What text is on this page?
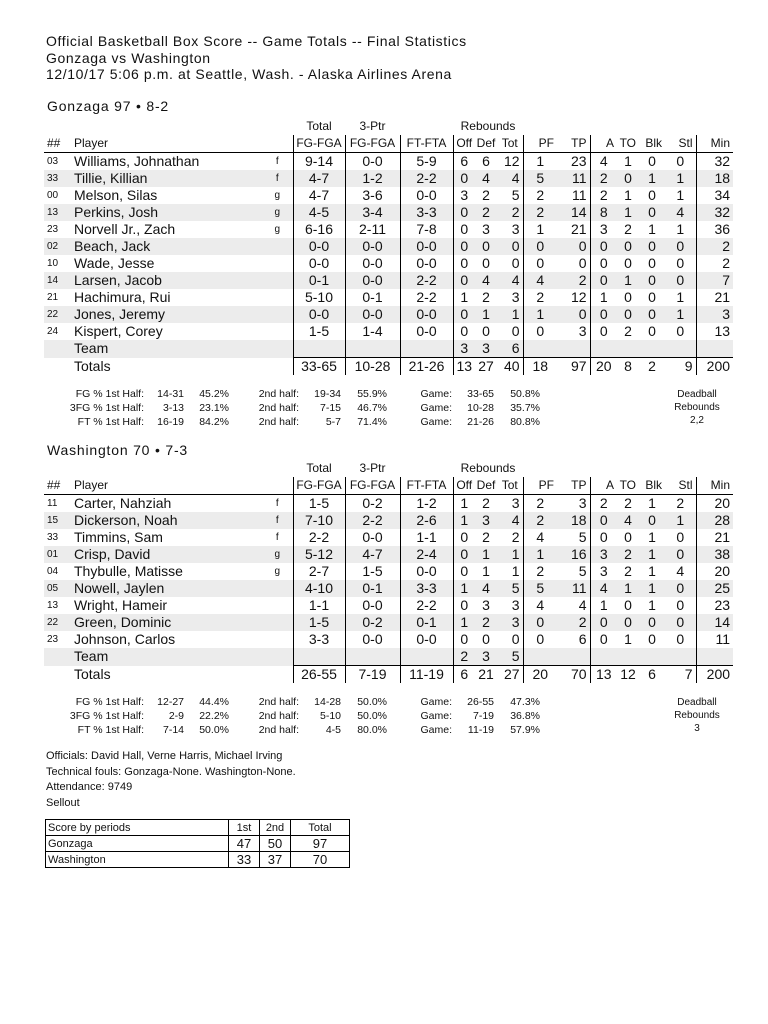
Official Basketball Box Score -- Game Totals -- Final Statistics
Gonzaga vs Washington
12/10/17 5:06 p.m. at Seattle, Wash. - Alaska Airlines Arena
Gonzaga 97 • 8-2
			Total	3-Ptr		Rebounds									
##	Player		FG-FGA	FG-FGA	FT-FTA	Off	Def	Tot	PF	TP	A	TO	Blk	Stl	Min
03	Williams, Johnathan	f	9-14	0-0	5-9	6	6	12	1	23	4	1	0	0	32
33	Tillie, Killian	f	4-7	1-2	2-2	0	4	4	5	11	2	0	1	1	18
00	Melson, Silas	g	4-7	3-6	0-0	3	2	5	2	11	2	1	0	1	34
13	Perkins, Josh	g	4-5	3-4	3-3	0	2	2	2	14	8	1	0	4	32
23	Norvell Jr., Zach	g	6-16	2-11	7-8	0	3	3	1	21	3	2	1	1	36
02	Beach, Jack		0-0	0-0	0-0	0	0	0	0	0	0	0	0	0	2
10	Wade, Jesse		0-0	0-0	0-0	0	0	0	0	0	0	0	0	0	2
14	Larsen, Jacob		0-1	0-0	2-2	0	4	4	4	2	0	1	0	0	7
21	Hachimura, Rui		5-10	0-1	2-2	1	2	3	2	12	1	0	0	1	21
22	Jones, Jeremy		0-0	0-0	0-0	0	1	1	1	0	0	0	0	1	3
24	Kispert, Corey		1-5	1-4	0-0	0	0	0	0	3	0	2	0	0	13
	Team					3	3	6							
	Totals		33-65	10-28	21-26	13	27	40	18	97	20	8	2	9	200
FG % 1st Half: 14-31 45.2%	2nd half: 19-34 55.9%	Game: 33-65 50.8%
3FG % 1st Half: 3-13 23.1%	2nd half: 7-15 46.7%	Game: 10-28 35.7%
FT % 1st Half: 16-19 84.2%	2nd half:	5-7 71.4%	Game: 21-26 80.8%
Deadball
Rebounds
2,2
Washington 70 • 7-3
			Total	3-Ptr		Rebounds									
##	Player		FG-FGA	FG-FGA	FT-FTA	Off	Def	Tot	PF	TP	A	TO	Blk	Stl	Min
11	Carter, Nahziah	f	1-5	0-2	1-2	1	2	3	2	3	2	2	1	2	20
15	Dickerson, Noah	f	7-10	2-2	2-6	1	3	4	2	18	0	4	0	1	28
33	Timmins, Sam	f	2-2	0-0	1-1	0	2	2	4	5	0	0	1	0	21
01	Crisp, David	g	5-12	4-7	2-4	0	1	1	1	16	3	2	1	0	38
04	Thybulle, Matisse	g	2-7	1-5	0-0	0	1	1	2	5	3	2	1	4	20
05	Nowell, Jaylen		4-10	0-1	3-3	1	4	5	5	11	4	1	1	0	25
13	Wright, Hameir		1-1	0-0	2-2	0	3	3	4	4	1	0	1	0	23
22	Green, Dominic		1-5	0-2	0-1	1	2	3	0	2	0	0	0	0	14
23	Johnson, Carlos		3-3	0-0	0-0	0	0	0	0	6	0	1	0	0	11
	Team					2	3	5							
	Totals		26-55	7-19	11-19	6	21	27	20	70	13	12	6	7	200
FG % 1st Half: 12-27 44.4%	2nd half: 14-28 50.0%	Game: 26-55 47.3%
3FG % 1st Half: 2-9 22.2%	2nd half: 5-10 50.0%	Game: 7-19 36.8%
FT % 1st Half: 7-14 50.0%	2nd half:	4-5 80.0%	Game: 11-19 57.9%
Deadball
Rebounds
3
Officials: David Hall, Verne Harris, Michael Irving
Technical fouls: Gonzaga-None. Washington-None.
Attendance: 9749
Sellout
Score by periods	1st	2nd	Total
Gonzaga	47	50	97
Washington	33	37	70
